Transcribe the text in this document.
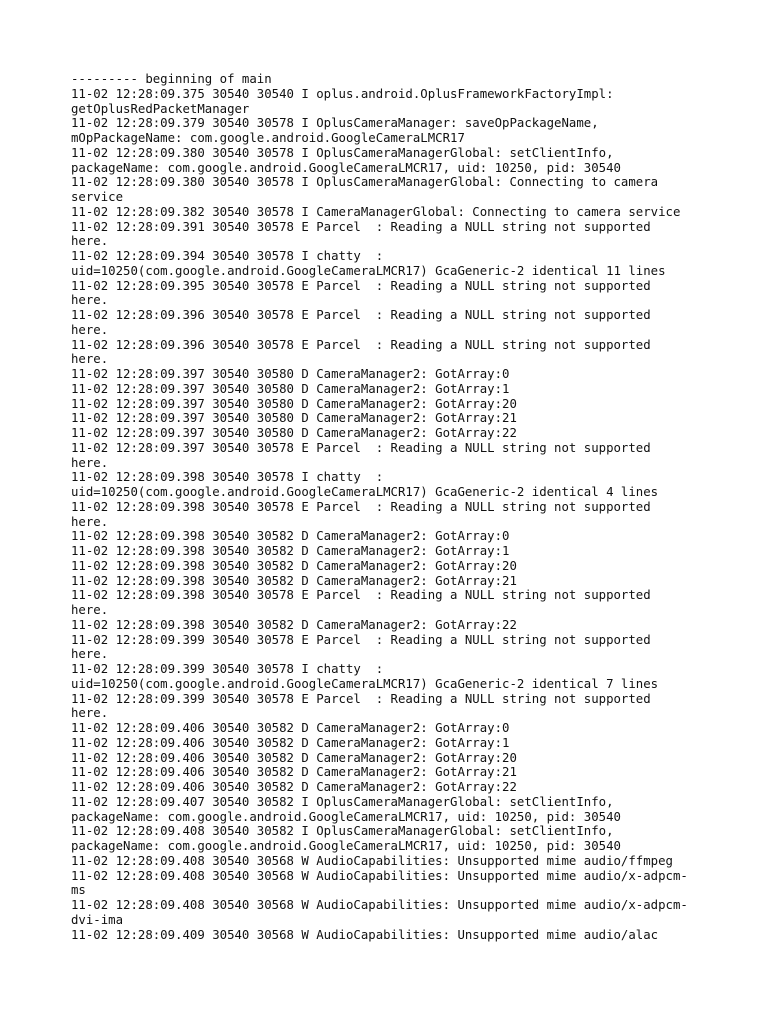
--------- beginning of main
11-02 12:28:09.375 30540 30540 I oplus.android.OplusFrameworkFactoryImpl:
getOplusRedPacketManager
11-02 12:28:09.379 30540 30578 I OplusCameraManager: saveOpPackageName,
mOpPackageName: com.google.android.GoogleCameraLMCR17
11-02 12:28:09.380 30540 30578 I OplusCameraManagerGlobal: setClientInfo,
packageName: com.google.android.GoogleCameraLMCR17, uid: 10250, pid: 30540
11-02 12:28:09.380 30540 30578 I OplusCameraManagerGlobal: Connecting to camera
service
11-02 12:28:09.382 30540 30578 I CameraManagerGlobal: Connecting to camera service
11-02 12:28:09.391 30540 30578 E Parcel  : Reading a NULL string not supported
here.
11-02 12:28:09.394 30540 30578 I chatty  :
uid=10250(com.google.android.GoogleCameraLMCR17) GcaGeneric-2 identical 11 lines
11-02 12:28:09.395 30540 30578 E Parcel  : Reading a NULL string not supported
here.
11-02 12:28:09.396 30540 30578 E Parcel  : Reading a NULL string not supported
here.
11-02 12:28:09.396 30540 30578 E Parcel  : Reading a NULL string not supported
here.
11-02 12:28:09.397 30540 30580 D CameraManager2: GotArray:0
11-02 12:28:09.397 30540 30580 D CameraManager2: GotArray:1
11-02 12:28:09.397 30540 30580 D CameraManager2: GotArray:20
11-02 12:28:09.397 30540 30580 D CameraManager2: GotArray:21
11-02 12:28:09.397 30540 30580 D CameraManager2: GotArray:22
11-02 12:28:09.397 30540 30578 E Parcel  : Reading a NULL string not supported
here.
11-02 12:28:09.398 30540 30578 I chatty  :
uid=10250(com.google.android.GoogleCameraLMCR17) GcaGeneric-2 identical 4 lines
11-02 12:28:09.398 30540 30578 E Parcel  : Reading a NULL string not supported
here.
11-02 12:28:09.398 30540 30582 D CameraManager2: GotArray:0
11-02 12:28:09.398 30540 30582 D CameraManager2: GotArray:1
11-02 12:28:09.398 30540 30582 D CameraManager2: GotArray:20
11-02 12:28:09.398 30540 30582 D CameraManager2: GotArray:21
11-02 12:28:09.398 30540 30578 E Parcel  : Reading a NULL string not supported
here.
11-02 12:28:09.398 30540 30582 D CameraManager2: GotArray:22
11-02 12:28:09.399 30540 30578 E Parcel  : Reading a NULL string not supported
here.
11-02 12:28:09.399 30540 30578 I chatty  :
uid=10250(com.google.android.GoogleCameraLMCR17) GcaGeneric-2 identical 7 lines
11-02 12:28:09.399 30540 30578 E Parcel  : Reading a NULL string not supported
here.
11-02 12:28:09.406 30540 30582 D CameraManager2: GotArray:0
11-02 12:28:09.406 30540 30582 D CameraManager2: GotArray:1
11-02 12:28:09.406 30540 30582 D CameraManager2: GotArray:20
11-02 12:28:09.406 30540 30582 D CameraManager2: GotArray:21
11-02 12:28:09.406 30540 30582 D CameraManager2: GotArray:22
11-02 12:28:09.407 30540 30582 I OplusCameraManagerGlobal: setClientInfo,
packageName: com.google.android.GoogleCameraLMCR17, uid: 10250, pid: 30540
11-02 12:28:09.408 30540 30582 I OplusCameraManagerGlobal: setClientInfo,
packageName: com.google.android.GoogleCameraLMCR17, uid: 10250, pid: 30540
11-02 12:28:09.408 30540 30568 W AudioCapabilities: Unsupported mime audio/ffmpeg
11-02 12:28:09.408 30540 30568 W AudioCapabilities: Unsupported mime audio/x-adpcm-
ms
11-02 12:28:09.408 30540 30568 W AudioCapabilities: Unsupported mime audio/x-adpcm-
dvi-ima
11-02 12:28:09.409 30540 30568 W AudioCapabilities: Unsupported mime audio/alac
